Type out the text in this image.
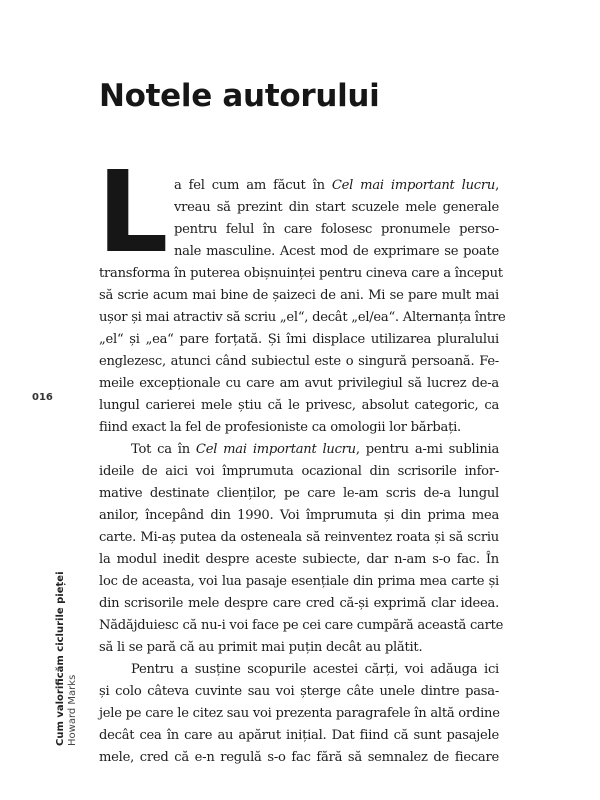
Notele autorului
L a fel cum am făcut în Cel mai important lucru,
vreau să prezint din start scuzele mele generale
pentru felul în care folosesc pronumele perso-
nale masculine. Acest mod de exprimare se poate
transforma în puterea obișnuinței pentru cineva care a început
să scrie acum mai bine de șaizeci de ani. Mi se pare mult mai
ușor și mai atractiv să scriu „el“, decât „el/ea“. Alternanța între
„el“ și „ea“ pare forțată. Și îmi displace utilizarea pluralului
englezesc, atunci când subiectul este o singură persoană. Fe-
meile excepționale cu care am avut privilegiul să lucrez de-a
lungul carierei mele știu că le privesc, absolut categoric, ca
fiind exact la fel de profesioniste ca omologii lor bărbați.
Tot ca în Cel mai important lucru, pentru a-mi sublinia
ideile de aici voi împrumuta ocazional din scrisorile infor-
mative destinate clienților, pe care le-am scris de-a lungul
anilor, începând din 1990. Voi împrumuta și din prima mea
carte. Mi-aș putea da osteneala să reinventez roata și să scriu
la modul inedit despre aceste subiecte, dar n-am s-o fac. În
loc de aceasta, voi lua pasaje esențiale din prima mea carte și
din scrisorile mele despre care cred că-și exprimă clar ideea.
Nădăjduiesc că nu-i voi face pe cei care cumpără această carte
să li se pară că au primit mai puțin decât au plătit.
Pentru a susține scopurile acestei cărți, voi adăuga ici
și colo câteva cuvinte sau voi șterge câte unele dintre pasa-
jele pe care le citez sau voi prezenta paragrafele în altă ordine
decât cea în care au apărut inițial. Dat fiind că sunt pasajele
mele, cred că e-n regulă s-o fac fără să semnalez de fiecare
016
Cum valorificăm ciclurile pieței Howard Marks
